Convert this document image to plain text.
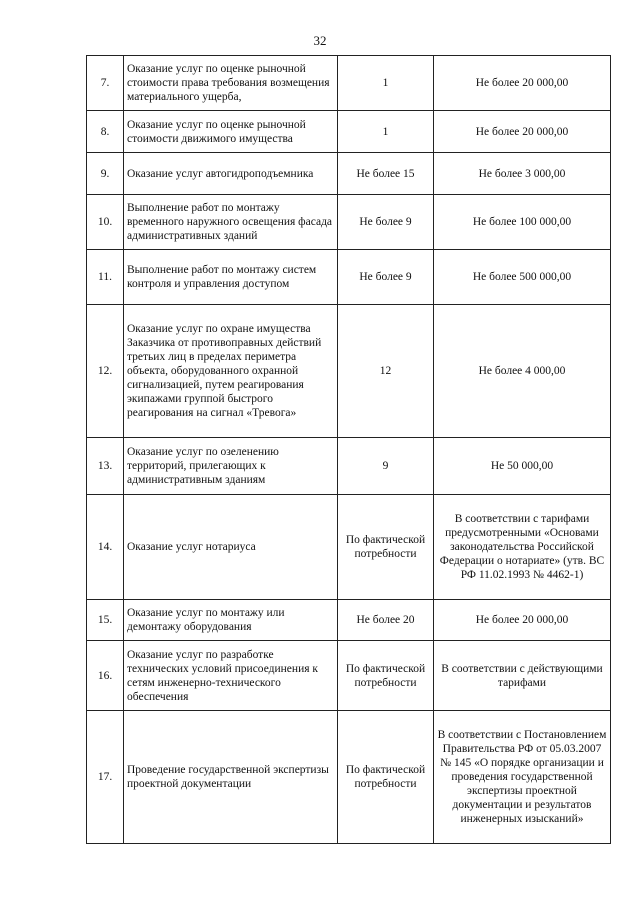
32
7.	Оказание услуг по оценке рыночной стоимости права требования возмещения материального ущерба,	1	Не более 20 000,00
8.	Оказание услуг по оценке рыночной стоимости движимого имущества	1	Не более 20 000,00
9.	Оказание услуг автогидроподъемника	Не более 15	Не более 3 000,00
10.	Выполнение работ по монтажу временного наружного освещения фасада административных зданий	Не более 9	Не более 100 000,00
11.	Выполнение работ по монтажу систем контроля и управления доступом	Не более 9	Не более 500 000,00
12.	Оказание услуг по охране имущества Заказчика от противоправных действий третьих лиц в пределах периметра объекта, оборудованного охранной сигнализацией, путем реагирования экипажами группой быстрого реагирования на сигнал «Тревога»	12	Не более 4 000,00
13.	Оказание услуг по озеленению территорий, прилегающих к административным зданиям	9	Не 50 000,00
14.	Оказание услуг нотариуса	По фактической потребности	В соответствии с тарифами предусмотренными «Основами законодательства Российской Федерации о нотариате» (утв. ВС РФ 11.02.1993 № 4462-1)
15.	Оказание услуг по монтажу или демонтажу оборудования	Не более 20	Не более 20 000,00
16.	Оказание услуг по разработке технических условий присоединения к сетям инженерно-технического обеспечения	По фактической потребности	В соответствии с действующими тарифами
17.	Проведение государственной экспертизы проектной документации	По фактической потребности	В соответствии с Постановлением Правительства РФ от 05.03.2007 № 145 «О порядке организации и проведения государственной экспертизы проектной документации и результатов инженерных изысканий»
